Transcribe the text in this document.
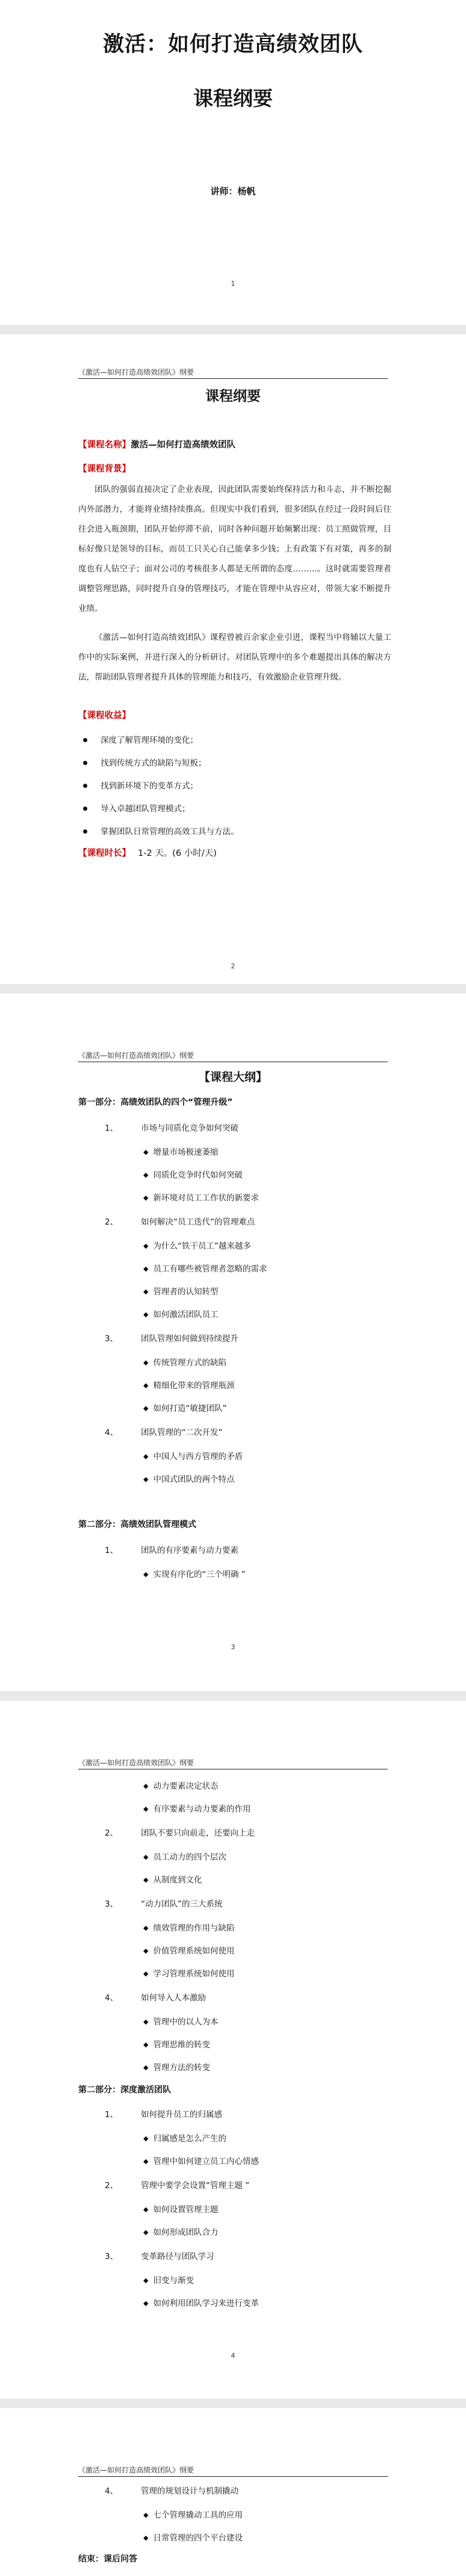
激活：如何打造高绩效团队
课程纲要
讲师：杨帆
1
《激活—如何打造高绩效团队》纲要
课程纲要
【课程名称】激活—如何打造高绩效团队
【课程背景】
团队的强弱直接决定了企业表现，因此团队需要始终保持活力和斗志，并不断挖掘内外部潜力，才能将业绩持续推高。但现实中我们看到，很多团队在经过一段时间后往往会进入瓶颈期，团队开始停滞不前，同时各种问题开始频繁出现：员工照做管理，目标好像只是领导的目标，而员工只关心自己能拿多少钱；上有政策下有对策，再多的制度也有人钻空子；面对公司的考核很多人都是无所谓的态度………。这时就需要管理者调整管理思路，同时提升自身的管理技巧，才能在管理中从容应对，带领大家不断提升业绩。
《激活—如何打造高绩效团队》课程曾被百余家企业引进，课程当中将辅以大量工作中的实际案例，并进行深入的分析研讨。对团队管理中的多个难题提出具体的解决方法，帮助团队管理者提升具体的管理能力和技巧，有效激励企业管理升级。
【课程收益】
深度了解管理环境的变化；
找到传统方式的缺陷与短板；
找到新环境下的变革方式；
导入卓越团队管理模式；
掌握团队日常管理的高效工具与方法。
【课程时长】 1-2 天。(6 小时/天)
2
《激活—如何打造高绩效团队》纲要
【课程大纲】
第一部分：高绩效团队的四个“管理升级”
1、	市场与同质化竞争如何突破
◆ 增量市场极速萎缩
◆ 同质化竞争时代如何突破
◆ 新环境对员工工作状的新要求
2、	如何解决“员工迭代”的管理难点
◆ 为什么“铁干员工”越来越多
◆ 员工有哪些被管理者忽略的需求
◆ 管理者的认知转型
◆ 如何激活团队员工
3、	团队管理如何做到持续提升
◆ 传统管理方式的缺陷
◆ 精细化带来的管理瓶颈
◆ 如何打造“敏捷团队”
4、	团队管理的“二次开发”
◆ 中国人与西方管理的矛盾
◆ 中国式团队的两个特点
第二部分：高绩效团队管理模式
1、	团队的有序要素与动力要素
◆ 实现有序化的“三个明确 ”
3
《激活—如何打造高绩效团队》纲要
◆ 动力要素决定状态
◆ 有序要素与动力要素的作用
2、	团队不要只向前走，还要向上走
◆ 员工动力的四个层次
◆ 从制度到文化
3、	“动力团队”的三大系统
◆ 绩效管理的作用与缺陷
◆ 价值管理系统如何使用
◆ 学习管理系统如何使用
4、	如何导入人本激励
◆ 管理中的以人为本
◆ 管理思维的转变
◆ 管理方法的转变
第二部分：深度激活团队
1、	如何提升员工的归属感
◆ 归属感是怎么产生的
◆ 管理中如何建立员工内心情感
2、	管理中要学会设置“管理主题 ”
◆ 如何设置管理主题
◆ 如何形成团队合力
3、	变革路径与团队学习
◆ 旧变与渐变
◆ 如何利用团队学习来进行变革
4
《激活—如何打造高绩效团队》纲要
4、	管理的规划设计与机制撬动
◆ 七个管理撬动工具的应用
◆ 日常管理的四个平台建设
结束：课后问答
